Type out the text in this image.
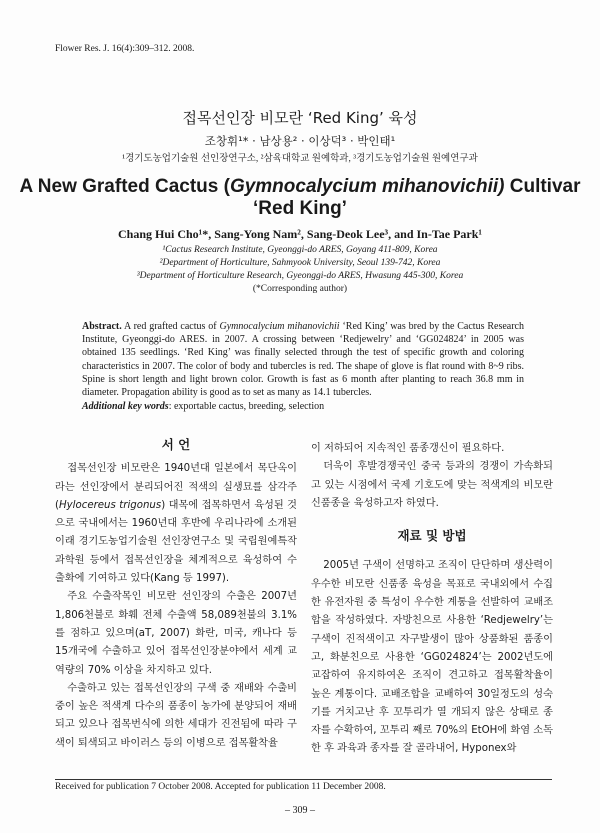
Flower Res. J. 16(4):309–312. 2008.
접목선인장 비모란 ‘Red King’ 육성
조창휘¹* · 남상용² · 이상덕³ · 박인태¹
¹경기도농업기술원 선인장연구소, ²삼육대학교 원예학과, ³경기도농업기술원 원예연구과
A New Grafted Cactus (Gymnocalycium mihanovichii) Cultivar
‘Red King’
Chang Hui Cho¹*, Sang-Yong Nam², Sang-Deok Lee³, and In-Tae Park¹
¹Cactus Research Institute, Gyeonggi-do ARES, Goyang 411-809, Korea
²Department of Horticulture, Sahmyook University, Seoul 139-742, Korea
³Department of Horticulture Research, Gyeonggi-do ARES, Hwasung 445-300, Korea
(*Corresponding author)
Abstract. A red grafted cactus of Gymnocalycium mihanovichii ‘Red King’ was bred by the Cactus Research Institute, Gyeonggi-do ARES. in 2007. A crossing between ‘Redjewelry’ and ‘GG024824’ in 2005 was obtained 135 seedlings. ‘Red King’ was finally selected through the test of specific growth and coloring characteristics in 2007. The color of body and tubercles is red. The shape of glove is flat round with 8~9 ribs. Spine is short length and light brown color. Growth is fast as 6 month after planting to reach 36.8 mm in diameter. Propagation ability is good as to set as many as 14.1 tubercles.
Additional key words: exportable cactus, breeding, selection
서 언

접목선인장 비모란은 1940년대 일본에서 목단옥이라는 선인장에서 분리되어진 적색의 실생묘를 삼각주(Hylocereus trigonus) 대목에 접목하면서 육성된 것으로 국내에서는 1960년대 후반에 우리나라에 소개된 이래 경기도농업기술원 선인장연구소 및 국립원예특작과학원 등에서 접목선인장을 체계적으로 육성하여 수출화에 기여하고 있다(Kang 등 1997).

주요 수출작목인 비모란 선인장의 수출은 2007년 1,806천불로 화훼 전체 수출액 58,089천불의 3.1%를 점하고 있으며(aT, 2007) 화란, 미국, 캐나다 등 15개국에 수출하고 있어 접목선인장분야에서 세계 교역량의 70% 이상을 차지하고 있다.

수출하고 있는 접목선인장의 구색 중 재배와 수출비중이 높은 적색계 다수의 품종이 농가에 분양되어 재배되고 있으나 접목번식에 의한 세대가 진전됨에 따라 구색이 퇴색되고 바이러스 등의 이병으로 접목활착율

이 저하되어 지속적인 품종갱신이 필요하다.

더욱이 후발경쟁국인 중국 등과의 경쟁이 가속화되고 있는 시점에서 국제 기호도에 맞는 적색계의 비모란 신품종을 육성하고자 하였다.

재료 및 방법

2005년 구색이 선명하고 조직이 단단하며 생산력이 우수한 비모란 신품종 육성을 목표로 국내외에서 수집한 유전자원 중 특성이 우수한 계통을 선발하여 교배조합을 작성하였다. 자방친으로 사용한 ‘Redjewelry’는 구색이 진적색이고 자구발생이 많아 상품화된 품종이고, 화분친으로 사용한 ‘GG024824’는 2002년도에 교잡하여 유지하여온 조직이 견고하고 접목활착율이 높은 계통이다. 교배조합을 교배하여 30일정도의 성숙기를 거치고난 후 꼬투리가 열 개되지 않은 상태로 종자를 수확하여, 꼬투리 째로 70%의 EtOH에 화염 소독한 후 과육과 종자를 잘 골라내어, Hyponex와

Received for publication 7 October 2008. Accepted for publication 11 December 2008.
– 309 –
